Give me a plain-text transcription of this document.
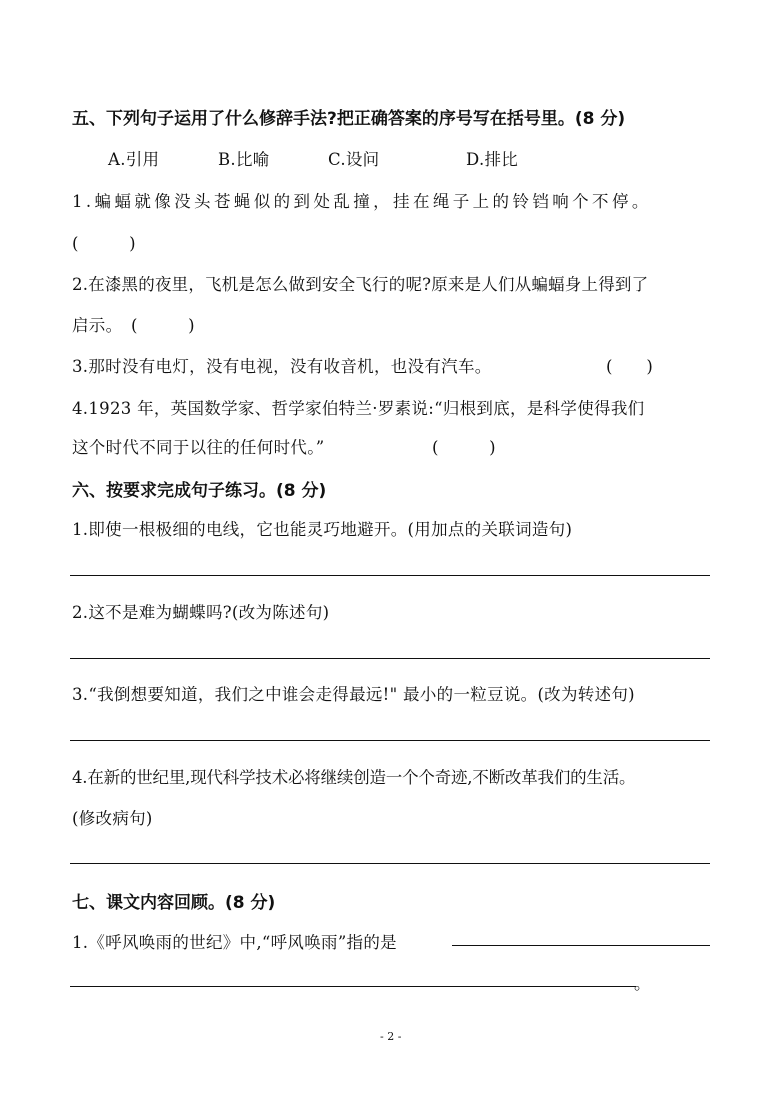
五、下列句子运用了什么修辞手法?把正确答案的序号写在括号里。(8 分)
A.引用	B.比喻	C.设问	D.排比
1.蝙蝠就像没头苍蝇似的到处乱撞，挂在绳子上的铃铛响个不停。
(　　　)
2.在漆黑的夜里，飞机是怎么做到安全飞行的呢?原来是人们从蝙蝠身上得到了
启示。　(　　　)
3.那时没有电灯，没有电视，没有收音机，也没有汽车。	(　　)
4.1923 年，英国数学家、哲学家伯特兰·罗素说:“归根到底，是科学使得我们
这个时代不同于以往的任何时代。”	(　　　)
六、按要求完成句子练习。(8 分)
1.即使一根极细的电线，它也能灵巧地避开。(用加点的关联词造句)
2.这不是难为蝴蝶吗?(改为陈述句)
3.“我倒想要知道，我们之中谁会走得最远!" 最小的一粒豆说。(改为转述句)
4.在新的世纪里,现代科学技术必将继续创造一个个奇迹,不断改革我们的生活。
(修改病句)
七、课文内容回顾。(8 分)
1.《呼风唤雨的世纪》中,“呼风唤雨”指的是
。
- 2 -
